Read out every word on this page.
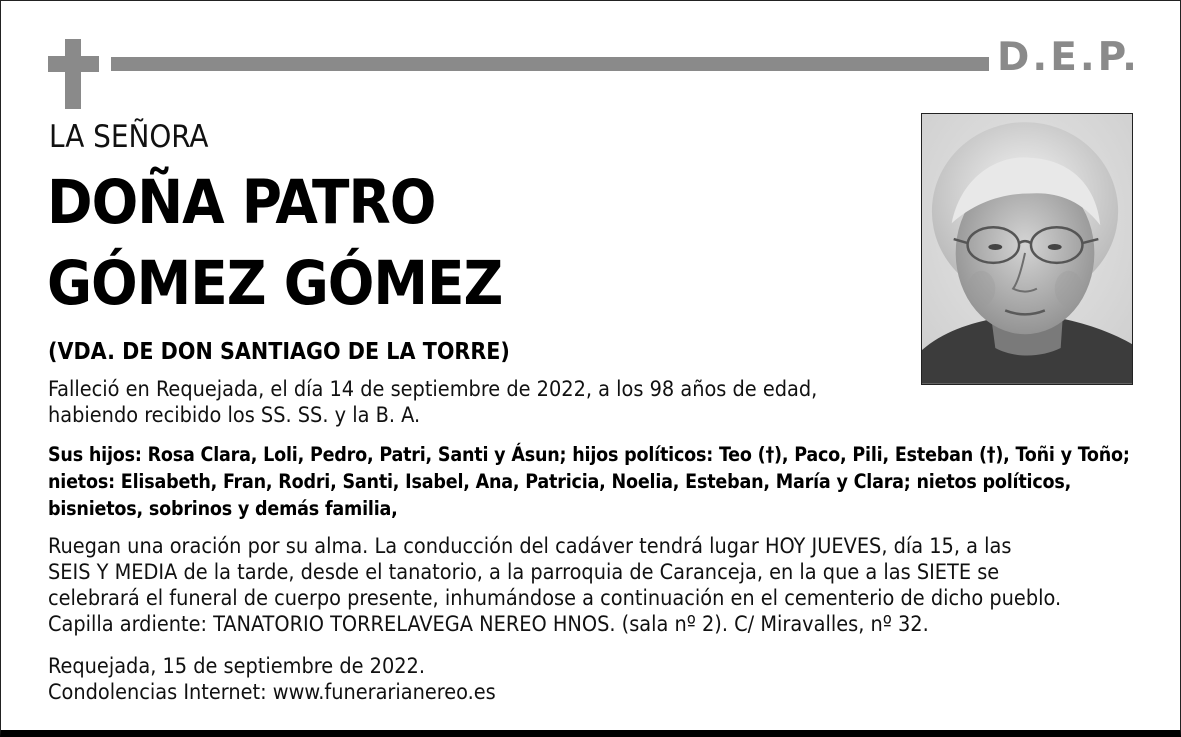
D.E.P.
LA SEÑORA
DOÑA PATRO
GÓMEZ GÓMEZ
(VDA. DE DON SANTIAGO DE LA TORRE)

Falleció en Requejada, el día 14 de septiembre de 2022, a los 98 años de edad,
habiendo recibido los SS. SS. y la B. A.

Sus hijos: Rosa Clara, Loli, Pedro, Patri, Santi y Ásun; hijos políticos: Teo (†), Paco, Pili, Esteban (†), Toñi y Toño;
nietos: Elisabeth, Fran, Rodri, Santi, Isabel, Ana, Patricia, Noelia, Esteban, María y Clara; nietos políticos,
bisnietos, sobrinos y demás familia,

Ruegan una oración por su alma. La conducción del cadáver tendrá lugar HOY JUEVES, día 15, a las
SEIS Y MEDIA de la tarde, desde el tanatorio, a la parroquia de Caranceja, en la que a las SIETE se
celebrará el funeral de cuerpo presente, inhumándose a continuación en el cementerio de dicho pueblo.
Capilla ardiente: TANATORIO TORRELAVEGA NEREO HNOS. (sala nº 2). C/ Miravalles, nº 32.

Requejada, 15 de septiembre de 2022.
Condolencias Internet: www.funerarianereo.es
